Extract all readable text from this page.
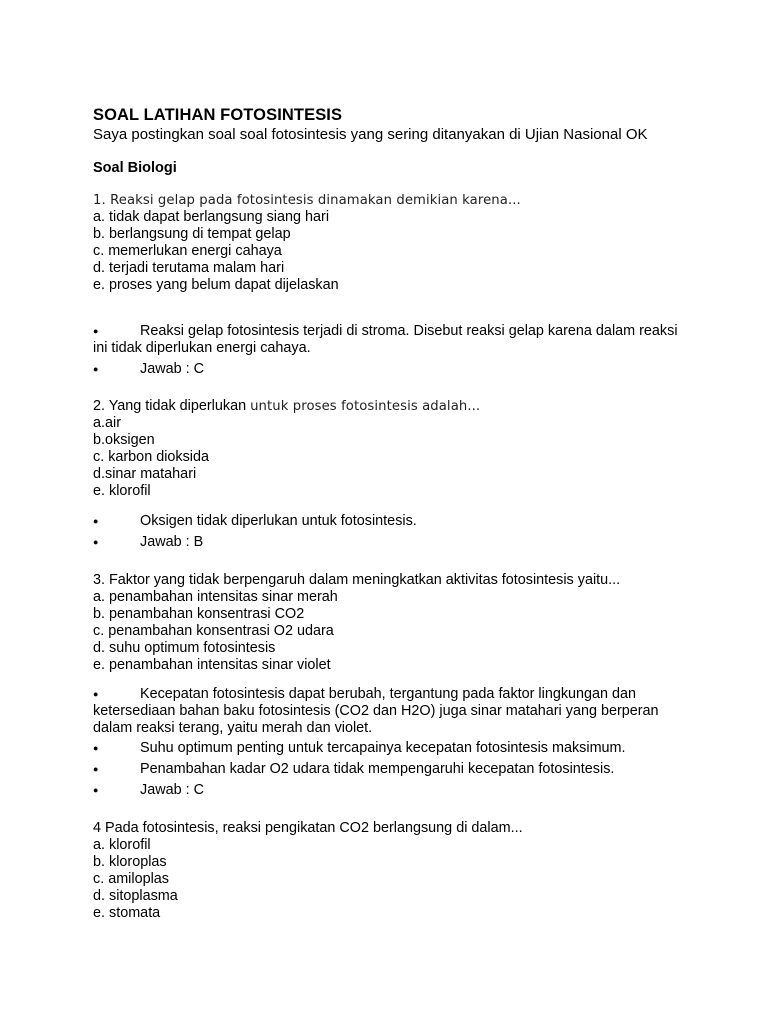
SOAL LATIHAN FOTOSINTESIS
Saya postingkan soal soal fotosintesis yang sering ditanyakan di Ujian Nasional OK
Soal Biologi
1. Reaksi gelap pada fotosintesis dinamakan demikian karena...
a. tidak dapat berlangsung siang hari
b. berlangsung di tempat gelap
c. memerlukan energi cahaya
d. terjadi terutama malam hari
e. proses yang belum dapat dijelaskan
●	Reaksi gelap fotosintesis terjadi di stroma. Disebut reaksi gelap karena dalam reaksi ini tidak diperlukan energi cahaya.

●	Jawab : C

2. Yang tidak diperlukan untuk proses fotosintesis adalah...
a.air
b.oksigen
c. karbon dioksida
d.sinar matahari
e. klorofil
●	Oksigen tidak diperlukan untuk fotosintesis.

●	Jawab : B

3. Faktor yang tidak berpengaruh dalam meningkatkan aktivitas fotosintesis yaitu...
a. penambahan intensitas sinar merah
b. penambahan konsentrasi CO2
c. penambahan konsentrasi O2 udara
d. suhu optimum fotosintesis
e. penambahan intensitas sinar violet
●	Kecepatan fotosintesis dapat berubah, tergantung pada faktor lingkungan dan ketersediaan bahan baku fotosintesis (CO2 dan H2O) juga sinar matahari yang berperan dalam reaksi terang, yaitu merah dan violet.

●	Suhu optimum penting untuk tercapainya kecepatan fotosintesis maksimum.

●	Penambahan kadar O2 udara tidak mempengaruhi kecepatan fotosintesis.

●	Jawab : C

4 Pada fotosintesis, reaksi pengikatan CO2 berlangsung di dalam...
a. klorofil
b. kloroplas
c. amiloplas
d. sitoplasma
e. stomata
